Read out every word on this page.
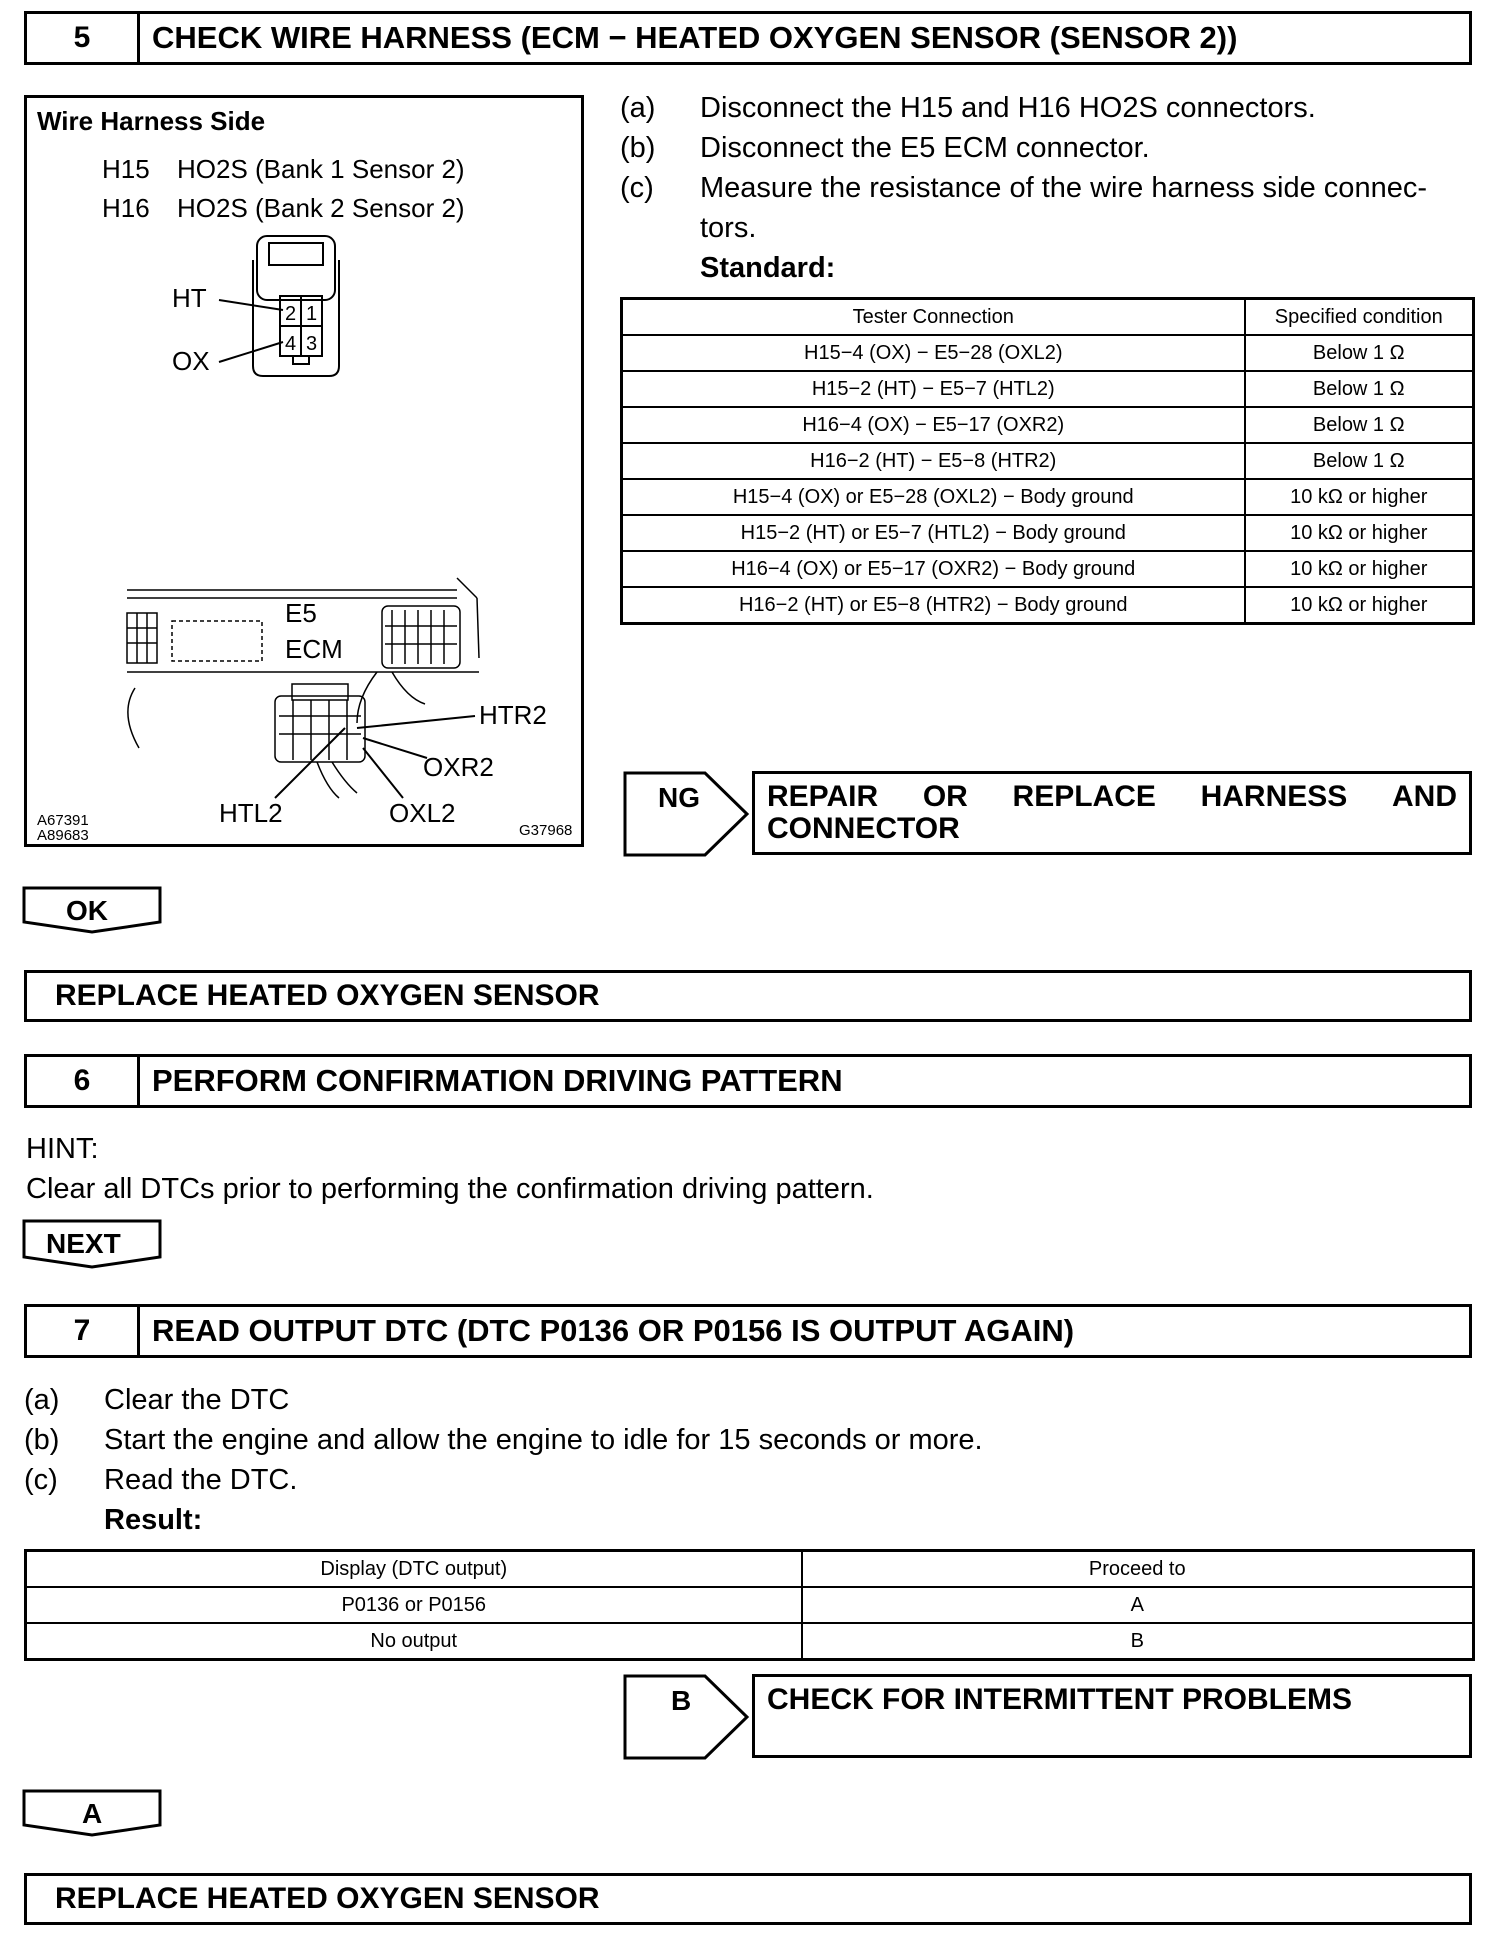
5	CHECK WIRE HARNESS (ECM − HEATED OXYGEN SENSOR (SENSOR 2))
Wire Harness Side
H15 HO2S (Bank 1 Sensor 2)
H16 HO2S (Bank 2 Sensor 2)
2 1
4 3
HT
OX
E5
ECM
HTR2
OXR2
HTL2	OXL2
A67391
A89683	G37968
(a) Disconnect the H15 and H16 HO2S connectors.
(b) Disconnect the E5 ECM connector.
(c) Measure the resistance of the wire harness side connec-
tors.
Standard:
Tester Connection	Specified condition
H15−4 (OX) − E5−28 (OXL2)	Below 1 Ω
H15−2 (HT) − E5−7 (HTL2)	Below 1 Ω
H16−4 (OX) − E5−17 (OXR2)	Below 1 Ω
H16−2 (HT) − E5−8 (HTR2)	Below 1 Ω
H15−4 (OX) or E5−28 (OXL2) − Body ground	10 kΩ or higher
H15−2 (HT) or E5−7 (HTL2) − Body ground	10 kΩ or higher
H16−4 (OX) or E5−17 (OXR2) − Body ground	10 kΩ or higher
H16−2 (HT) or E5−8 (HTR2) − Body ground	10 kΩ or higher
NG REPAIR OR REPLACE HARNESS AND
CONNECTOR
OK
REPLACE HEATED OXYGEN SENSOR
6	PERFORM CONFIRMATION DRIVING PATTERN
HINT:
Clear all DTCs prior to performing the confirmation driving pattern.
NEXT
7	READ OUTPUT DTC (DTC P0136 OR P0156 IS OUTPUT AGAIN)
(a) Clear the DTC
(b) Start the engine and allow the engine to idle for 15 seconds or more.
(c) Read the DTC.
Result:
Display (DTC output)	Proceed to
P0136 or P0156	A
No output	B
B	CHECK FOR INTERMITTENT PROBLEMS
A
REPLACE HEATED OXYGEN SENSOR
